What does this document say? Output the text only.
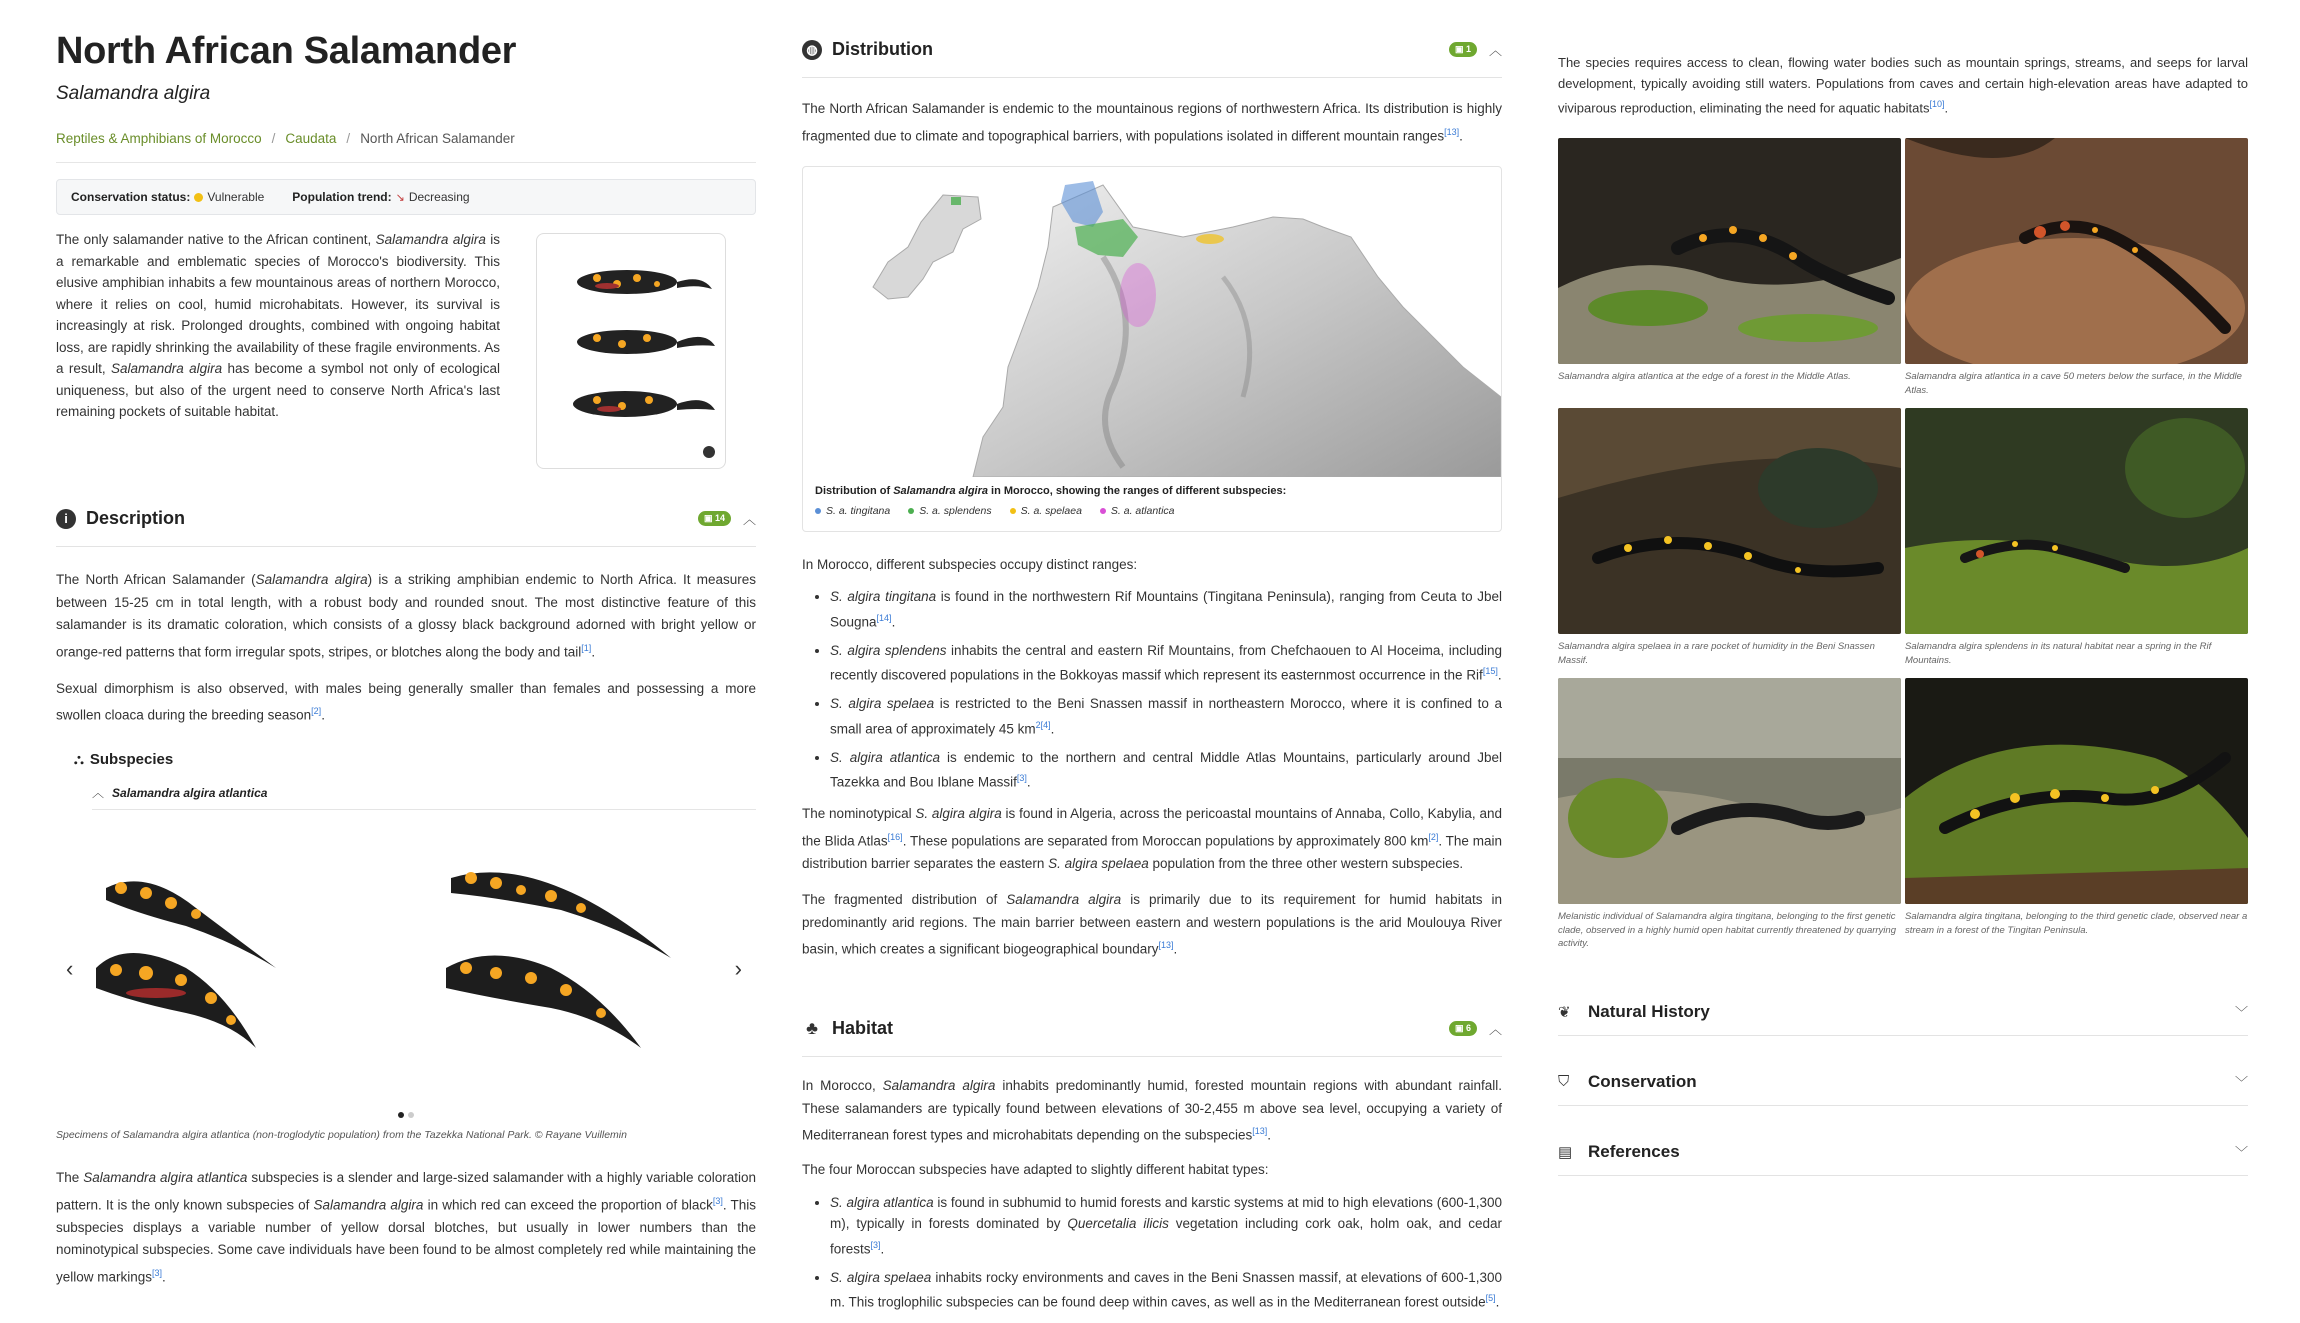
North African Salamander
Salamandra algira
Reptiles & Amphibians of Morocco / Caudata / North African Salamander
Conservation status: Vulnerable Population trend: ↘ Decreasing

The only salamander native to the African continent, Salamandra algira is a remarkable and emblematic species of Morocco's biodiversity. This elusive amphibian inhabits a few mountainous areas of northern Morocco, where it relies on cool, humid microhabitats. However, its survival is increasingly at risk. Prolonged droughts, combined with ongoing habitat loss, are rapidly shrinking the availability of these fragile environments. As a result, Salamandra algira has become a symbol not only of ecological uniqueness, but also of the urgent need to conserve North Africa's last remaining pockets of suitable habitat.

i	Description	▣ 14	︿

The North African Salamander (Salamandra algira) is a striking amphibian endemic to North Africa. It measures between 15-25 cm in total length, with a robust body and rounded snout. The most distinctive feature of this salamander is its dramatic coloration, which consists of a glossy black background adorned with bright yellow or orange-red patterns that form irregular spots, stripes, or blotches along the body and tail[1].

Sexual dimorphism is also observed, with males being generally smaller than females and possessing a more swollen cloaca during the breeding season[2].

⛬ Subspecies
︿ Salamandra algira atlantica
‹	›
Specimens of Salamandra algira atlantica (non-troglodytic population) from the Tazekka National Park. © Rayane Vuillemin

The Salamandra algira atlantica subspecies is a slender and large-sized salamander with a highly variable coloration pattern. It is the only known subspecies of Salamandra algira in which red can exceed the proportion of black[3]. This subspecies displays a variable number of yellow dorsal blotches, but usually in lower numbers than the nominotypical subspecies. Some cave individuals have been found to be almost completely red while maintaining the yellow markings[3].

◍ Distribution	▣ 1	︿

The North African Salamander is endemic to the mountainous regions of northwestern Africa. Its distribution is highly fragmented due to climate and topographical barriers, with populations isolated in different mountain ranges[13].

Distribution of Salamandra algira in Morocco, showing the ranges of different subspecies:
S. a. tingitana	S. a. splendens	S. a. spelaea	S. a. atlantica

In Morocco, different subspecies occupy distinct ranges:

• S. algira tingitana is found in the northwestern Rif Mountains (Tingitana Peninsula), ranging from Ceuta to Jbel Sougna[14].
• S. algira splendens inhabits the central and eastern Rif Mountains, from Chefchaouen to Al Hoceima, including recently discovered populations in the Bokkoyas massif which represent its easternmost occurrence in the Rif[15].
• S. algira spelaea is restricted to the Beni Snassen massif in northeastern Morocco, where it is confined to a small area of approximately 45 $km^{2[4]}$.
• S. algira atlantica is endemic to the northern and central Middle Atlas Mountains, particularly around Jbel Tazekka and Bou Iblane Massif[3].

The nominotypical S. algira algira is found in Algeria, across the pericoastal mountains of Annaba, Collo, Kabylia, and the Blida Atlas[16]. These populations are separated from Moroccan populations by approximately 800 km[2]. The main distribution barrier separates the eastern S. algira spelaea population from the three other western subspecies.

The fragmented distribution of Salamandra algira is primarily due to its requirement for humid habitats in predominantly arid regions. The main barrier between eastern and western populations is the arid Moulouya River basin, which creates a significant biogeographical boundary[13].

♣ Habitat	▣ 6	︿

In Morocco, Salamandra algira inhabits predominantly humid, forested mountain regions with abundant rainfall. These salamanders are typically found between elevations of 30-2,455 m above sea level, occupying a variety of Mediterranean forest types and microhabitats depending on the subspecies[13].

The four Moroccan subspecies have adapted to slightly different habitat types:

• S. algira atlantica is found in subhumid to humid forests and karstic systems at mid to high elevations (600-1,300 m), typically in forests dominated by Quercetalia ilicis vegetation including cork oak, holm oak, and cedar forests[3].
• S. algira spelaea inhabits rocky environments and caves in the Beni Snassen massif, at elevations of 600-1,300 m. This troglophilic subspecies can be found deep within caves, as well as in the Mediterranean forest outside[5].

The species requires access to clean, flowing water bodies such as mountain springs, streams, and seeps for larval development, typically avoiding still waters. Populations from caves and certain high-elevation areas have adapted to viviparous reproduction, eliminating the need for aquatic habitats[10].

Salamandra algira atlantica at the edge of a forest in the Middle Atlas.	Salamandra algira atlantica in a cave 50 meters below the surface, in the Middle Atlas.
Salamandra algira spelaea in a rare pocket of humidity in the Beni Snassen Massif.
Salamandra algira splendens in its natural habitat near a spring in the Rif Mountains.
Melanistic individual of Salamandra algira tingitana, belonging to the first genetic clade, observed in a highly humid open habitat currently threatened by quarrying activity.
Salamandra algira tingitana, belonging to the third genetic clade, observed near a stream in a forest of the Tingitan Peninsula.
❦	Natural History	﹀
⛉	Conservation	﹀
▤ References	﹀
